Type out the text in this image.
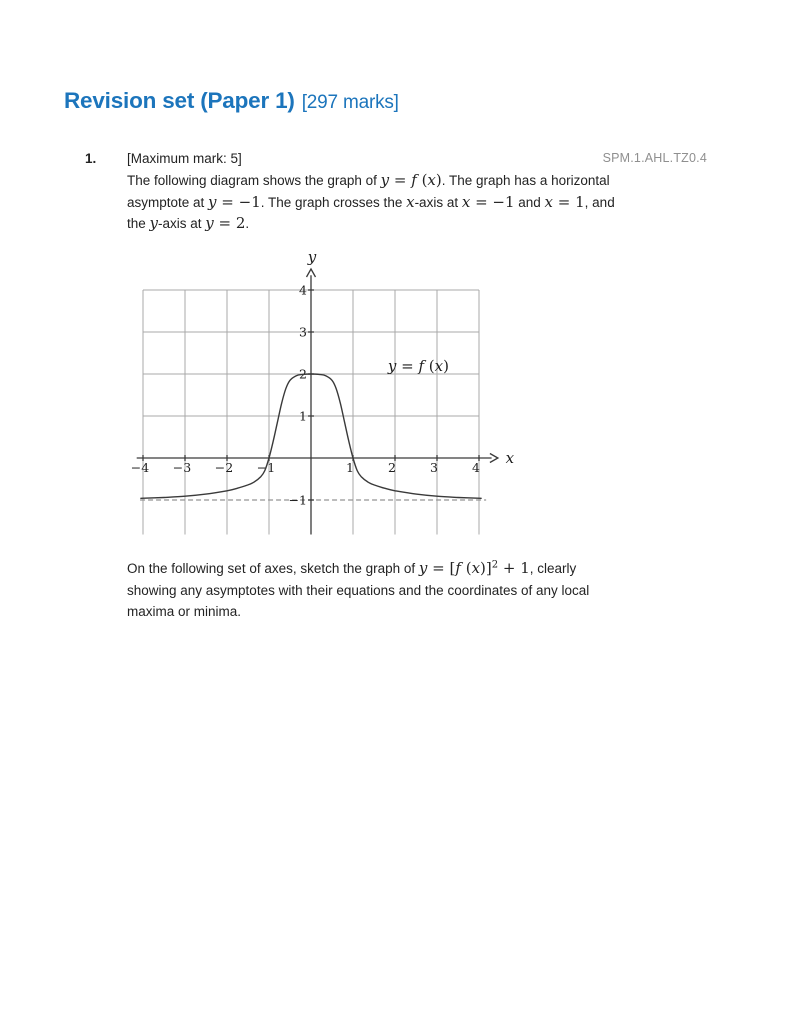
Revision set (Paper 1) [297 marks]
1. [Maximum mark: 5]	SPM.1.AHL.TZ0.4

The following diagram shows the graph of y = f (x). The graph has a horizontal
asymptote at y = −1. The graph crosses the x-axis at x = −1 and x = 1, and
the y-axis at y = 2.

−4 −3 −2 −1	1	2	3	4
−1
1
2
3
4
x
y
y = f (x)

On the following set of axes, sketch the graph of y = [f (x)]$^2$ + 1, clearly
showing any asymptotes with their equations and the coordinates of any local
maxima or minima.
